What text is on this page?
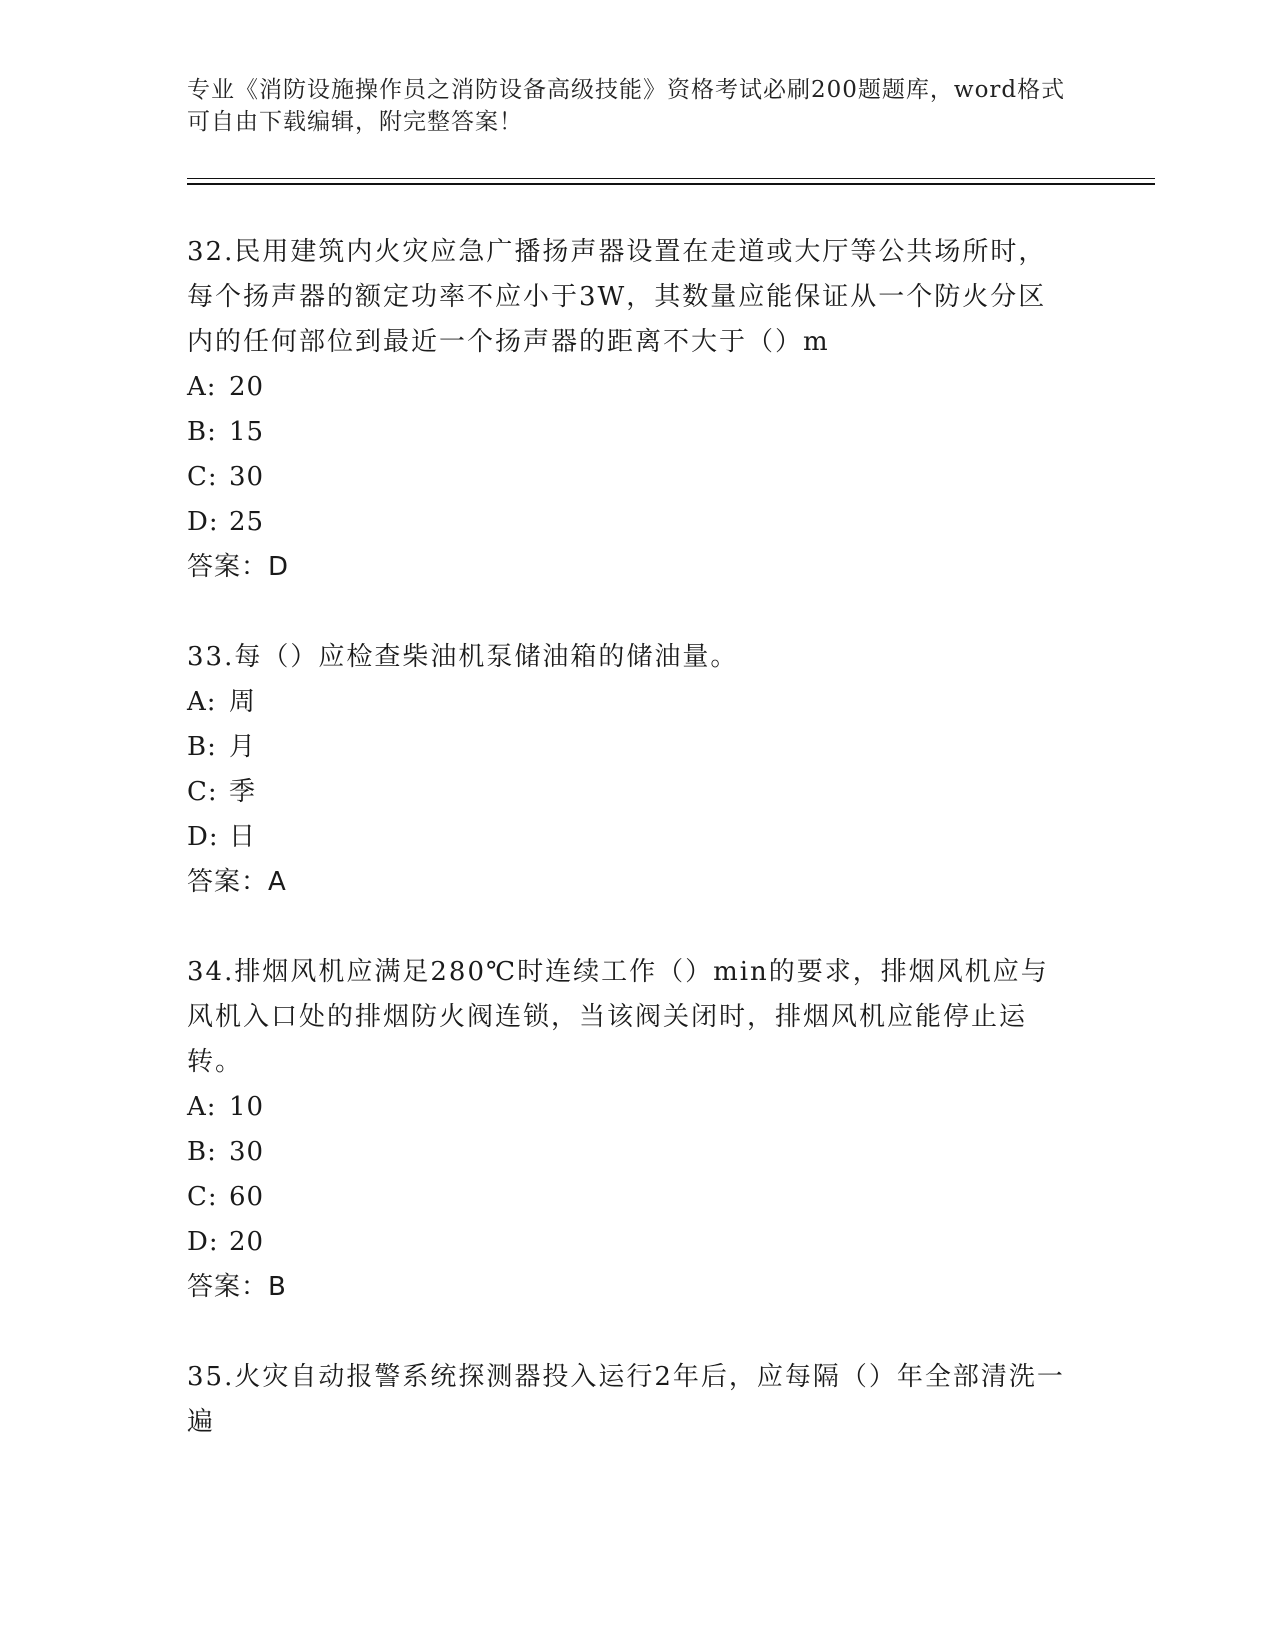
专业《消防设施操作员之消防设备高级技能》资格考试必刷200题题库，word格式可自由下载编辑，附完整答案！

32.民用建筑内火灾应急广播扬声器设置在走道或大厅等公共场所时，每个扬声器的额定功率不应小于3W，其数量应能保证从一个防火分区内的任何部位到最近一个扬声器的距离不大于（）m

A: 20

B: 15

C: 30

D: 25

答案：D

33.每（）应检查柴油机泵储油箱的储油量。

A: 周

B: 月

C: 季

D: 日

答案：A

34.排烟风机应满足280℃时连续工作（）min的要求，排烟风机应与风机入口处的排烟防火阀连锁，当该阀关闭时，排烟风机应能停止运转。

A: 10

B: 30

C: 60

D: 20

答案：B

35.火灾自动报警系统探测器投入运行2年后，应每隔（）年全部清洗一遍
